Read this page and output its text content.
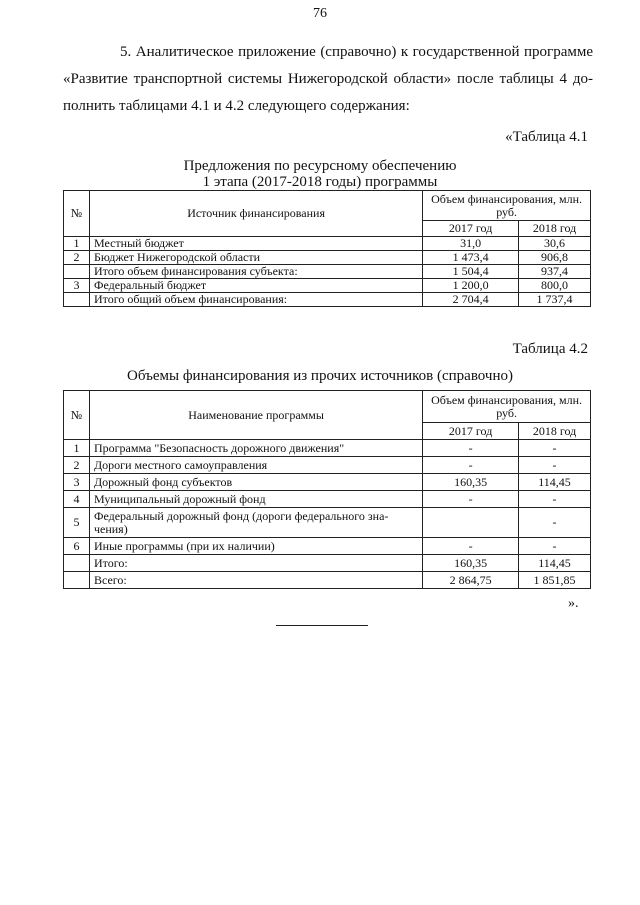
76
5. Аналитическое приложение (справочно) к государственной программе
«Развитие транспортной системы Нижегородской области» после таблицы 4 до-
полнить таблицами 4.1 и 4.2 следующего содержания:
«Таблица 4.1
Предложения по ресурсному обеспечению
1 этапа (2017-2018 годы) программы
№	Источник финансирования	Объем финансирования, млн. руб.	
		2017 год	2018 год
1	Местный бюджет	31,0	30,6
2	Бюджет Нижегородской области	1 473,4	906,8
	Итого объем финансирования субъекта:	1 504,4	937,4
3	Федеральный бюджет	1 200,0	800,0
	Итого общий объем финансирования:	2 704,4	1 737,4
Таблица 4.2
Объемы финансирования из прочих источников (справочно)
№	Наименование программы	Объем финансирования, млн. руб.	
		2017 год	2018 год
1	Программа "Безопасность дорожного движения"	-	-
2	Дороги местного самоуправления	-	-
3	Дорожный фонд субъектов	160,35	114,45
4	Муниципальный дорожный фонд	-	-
5	Федеральный дорожный фонд (дороги федерального зна-чения)		-
6	Иные программы (при их наличии)	-	-
	Итого:	160,35	114,45
	Всего:	2 864,75	1 851,85
».
